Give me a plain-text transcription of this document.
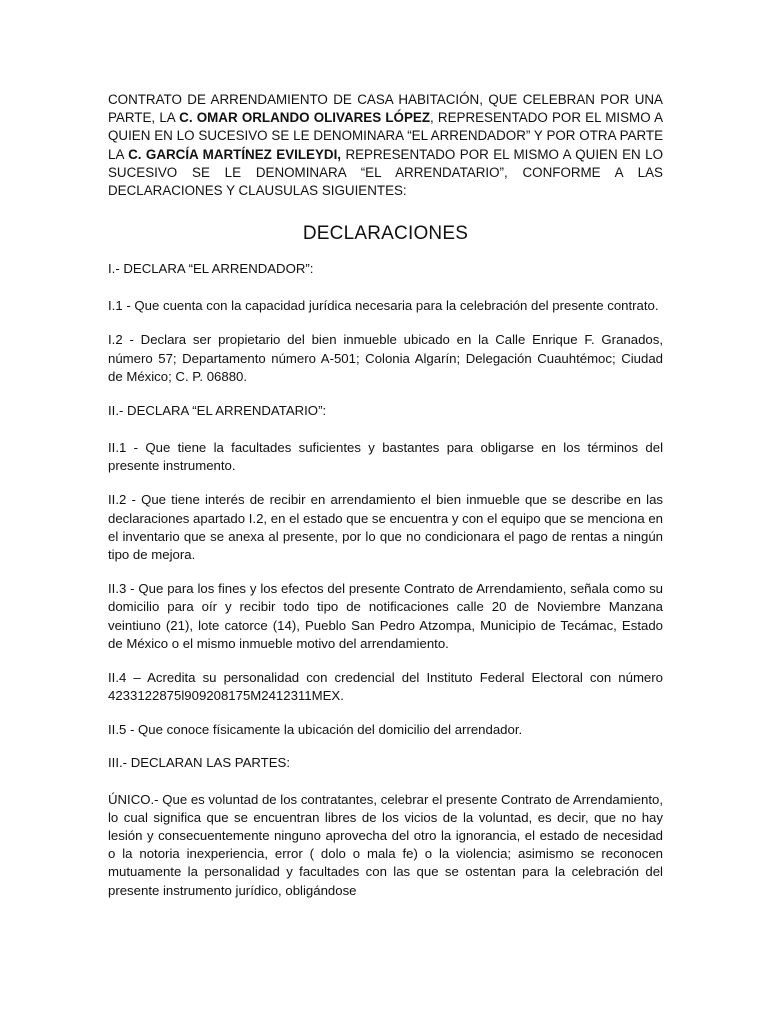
CONTRATO DE ARRENDAMIENTO DE CASA HABITACIÓN, QUE CELEBRAN POR UNA PARTE, LA C. OMAR ORLANDO OLIVARES LÓPEZ, REPRESENTADO POR EL MISMO A QUIEN EN LO SUCESIVO SE LE DENOMINARA “EL ARRENDADOR” Y POR OTRA PARTE LA C. GARCÍA MARTÍNEZ EVILEYDI, REPRESENTADO POR EL MISMO A QUIEN EN LO SUCESIVO SE LE DENOMINARA “EL ARRENDATARIO”, CONFORME A LAS DECLARACIONES Y CLAUSULAS SIGUIENTES:

DECLARACIONES
I.- DECLARA “EL ARRENDADOR”:

I.1 - Que cuenta con la capacidad jurídica necesaria para la celebración del presente contrato.

I.2 - Declara ser propietario del bien inmueble ubicado en la Calle Enrique F. Granados, número 57; Departamento número A-501; Colonia Algarín; Delegación Cuauhtémoc; Ciudad de México; C. P. 06880.

II.- DECLARA “EL ARRENDATARIO”:

II.1 - Que tiene la facultades suficientes y bastantes para obligarse en los términos del presente instrumento.

II.2 - Que tiene interés de recibir en arrendamiento el bien inmueble que se describe en las declaraciones apartado I.2, en el estado que se encuentra y con el equipo que se menciona en el inventario que se anexa al presente, por lo que no condicionara el pago de rentas a ningún tipo de mejora.

II.3 - Que para los fines y los efectos del presente Contrato de Arrendamiento, señala como su domicilio para oír y recibir todo tipo de notificaciones calle 20 de Noviembre Manzana veintiuno (21), lote catorce (14), Pueblo San Pedro Atzompa, Municipio de Tecámac, Estado de México o el mismo inmueble motivo del arrendamiento.

II.4 – Acredita su personalidad con credencial del Instituto Federal Electoral con número 4233122875l909208175M2412311MEX.

II.5 - Que conoce físicamente la ubicación del domicilio del arrendador.

III.- DECLARAN LAS PARTES:

ÚNICO.- Que es voluntad de los contratantes, celebrar el presente Contrato de Arrendamiento, lo cual significa que se encuentran libres de los vicios de la voluntad, es decir, que no hay lesión y consecuentemente ninguno aprovecha del otro la ignorancia, el estado de necesidad o la notoria inexperiencia, error ( dolo o mala fe) o la violencia; asimismo se reconocen mutuamente la personalidad y facultades con las que se ostentan para la celebración del presente instrumento jurídico, obligándose
